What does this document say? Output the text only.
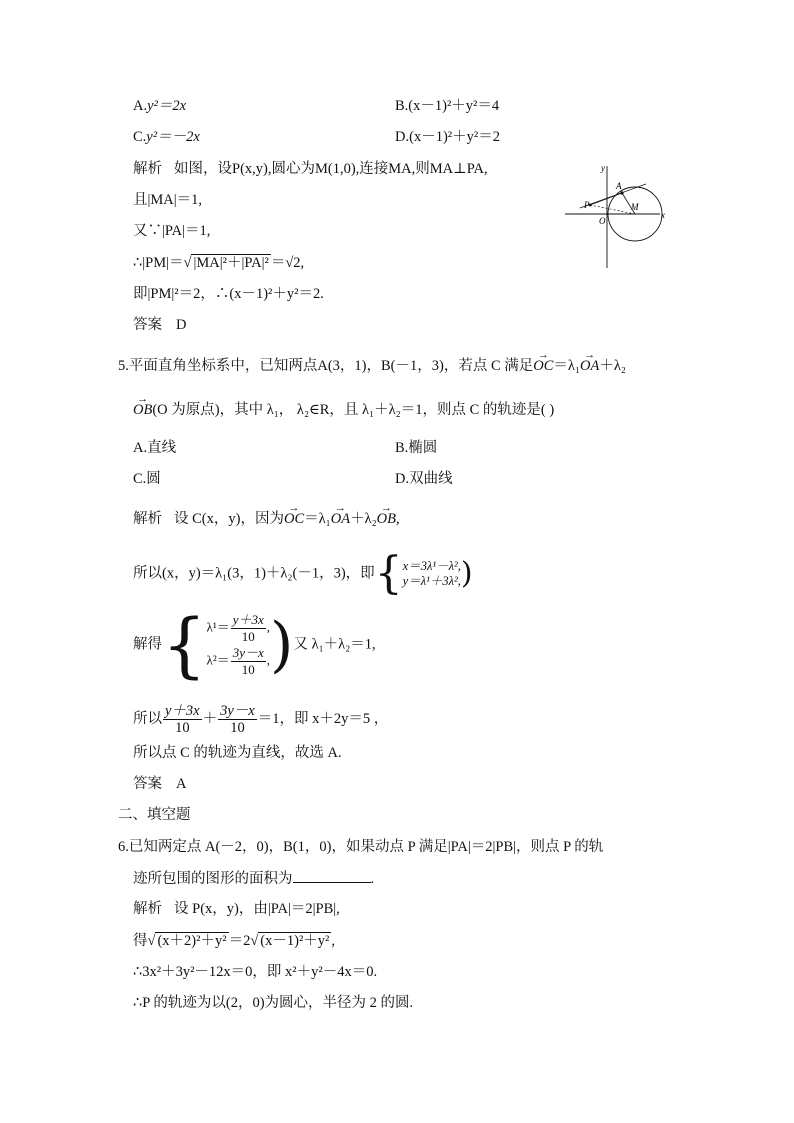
A.y²＝2x	B.(x－1)²＋y²＝4
C.y²＝－2x	D.(x－1)²＋y²＝2
解析 如图，设P(x,y),圆心为M(1,0),连接MA,则MA⊥PA,
且|MA|＝1,
又∵|PA|＝1,
∴|PM|＝√ |MA|²＋|PA|² ＝√2,
即|PM|²＝2，∴(x－1)²＋y²＝2.
答案 D
y
x
A
P
O
M
5.平面直角坐标系中，已知两点A(3，1)，B(－1，3)，若点 C 满足→ OC＝λ₁→ OA＋λ₂
→ OB(O 为原点)，其中 λ₁， λ₂∈R，且 λ₁＋λ₂＝1，则点 C 的轨迹是( )
A.直线	B.椭圆
C.圆	D.双曲线
解析 设 C(x，y)，因为→ OC＝λ₁→ OA＋λ₂→ OB,
所以(x，y)＝λ₁(3，1)＋λ₂(－1，3)，即{ x＝3λ¹－λ²,
y＝λ¹＋3λ², )
解得{ $\lambda^1= \frac{y+3x}{10}$ ,
$\lambda^2= \frac{3y-x}{10}$ , )又 λ₁＋λ₂＝1,
所以 $\frac{y+3x}{10} + \frac{3y-x}{10} =1$，即 x＋2y＝5 ，
所以点 C 的轨迹为直线，故选 A.
答案 A
二、填空题
6.已知两定点 A(－2，0)，B(1，0)，如果动点 P 满足|PA|＝2|PB|，则点 P 的轨
迹所包围的图形的面积为	.
解析 设 P(x，y)，由|PA|＝2|PB|,
得√ (x＋2)²＋y² ＝2√ (x－1)²＋y² ,
∴3x²＋3y²－12x＝0，即 x²＋y²－4x＝0.
∴P 的轨迹为以(2，0)为圆心，半径为 2 的圆.
